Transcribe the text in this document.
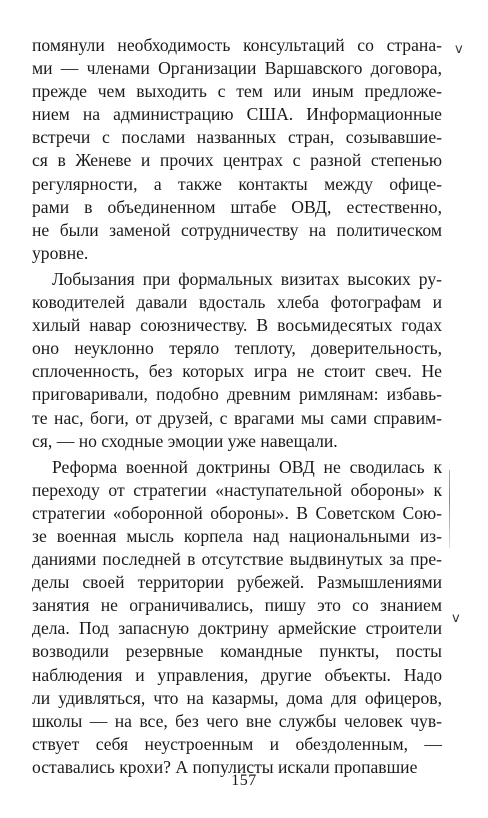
v
v
помянули необходимость консультаций со страна-
ми — членами Организации Варшавского договора,
прежде чем выходить с тем или иным предложе-
нием на администрацию США. Информационные
встречи с послами названных стран, созывавшие-
ся в Женеве и прочих центрах с разной степенью
регулярности, а также контакты между офице-
рами в объединенном штабе ОВД, естественно,
не были заменой сотрудничеству на политическом
уровне.
Лобызания при формальных визитах высоких ру-
ководителей давали вдосталь хлеба фотографам и
хилый навар союзничеству. В восьмидесятых годах
оно неуклонно теряло теплоту, доверительность,
сплоченность, без которых игра не стоит свеч. Не
приговаривали, подобно древним римлянам: избавь-
те нас, боги, от друзей, с врагами мы сами справим-
ся, — но сходные эмоции уже навещали.
Реформа военной доктрины ОВД не сводилась к
переходу от стратегии «наступательной обороны» к
стратегии «оборонной обороны». В Советском Сою-
зе военная мысль корпела над национальными из-
даниями последней в отсутствие выдвинутых за пре-
делы своей территории рубежей. Размышлениями
занятия не ограничивались, пишу это со знанием
дела. Под запасную доктрину армейские строители
возводили резервные командные пункты, посты
наблюдения и управления, другие объекты. Надо
ли удивляться, что на казармы, дома для офицеров,
школы — на все, без чего вне службы человек чув-
ствует себя неустроенным и обездоленным, —
оставались крохи? А популисты искали пропавшие
157
